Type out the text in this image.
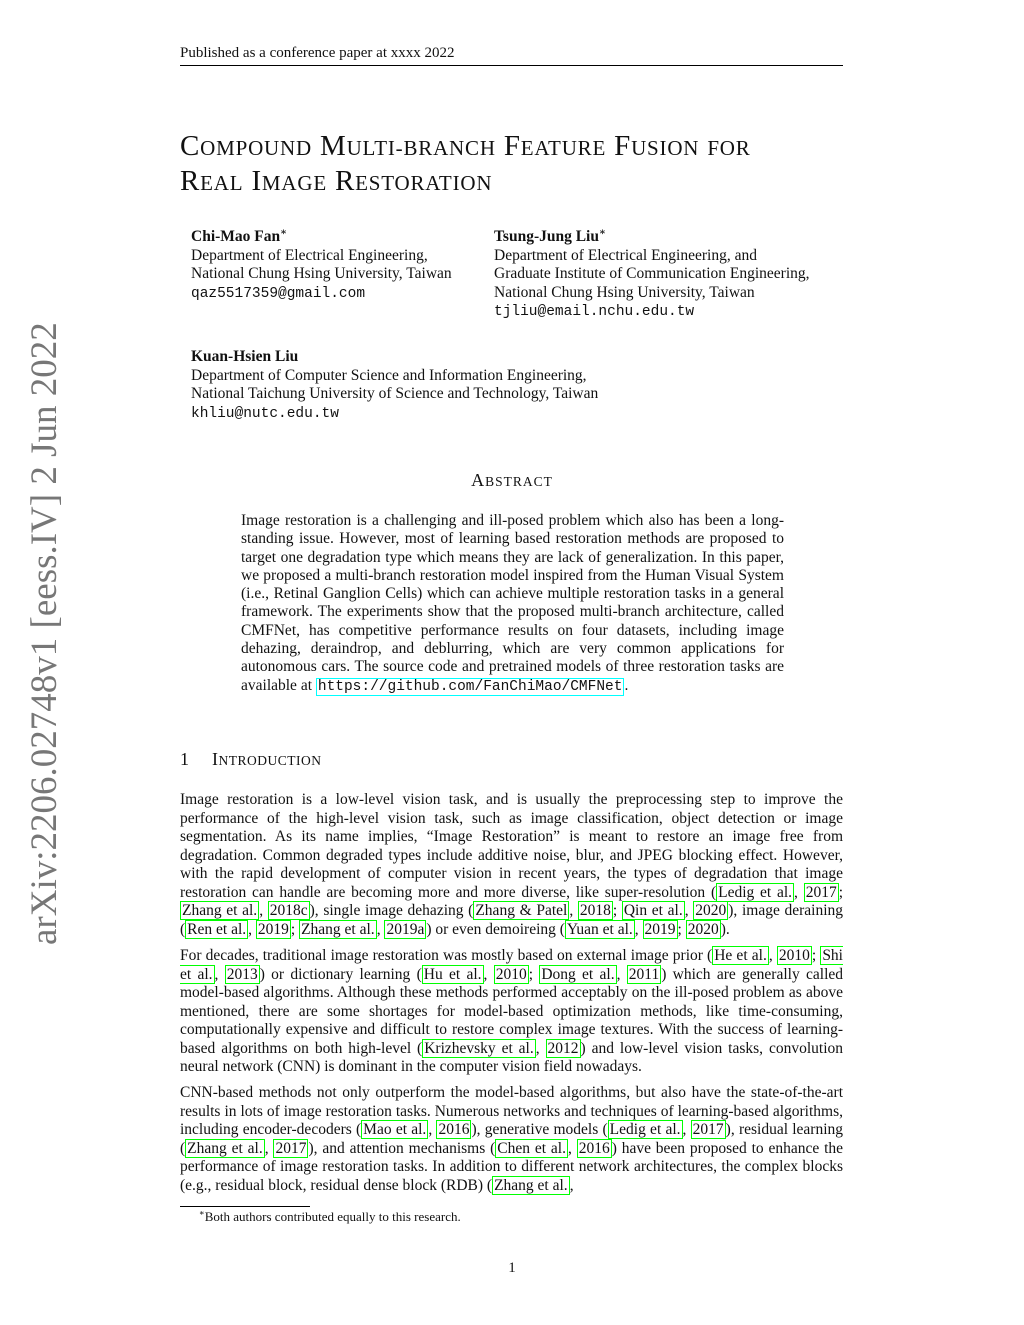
Published as a conference paper at xxxx 2022
arXiv:2206.02748v1 [eess.IV] 2 Jun 2022
COMPOUND MULTI-BRANCH FEATURE FUSION FOR
REAL IMAGE RESTORATION
Chi-Mao Fan∗
Department of Electrical Engineering,
National Chung Hsing University, Taiwan
qaz5517359@gmail.com
Tsung-Jung Liu∗
Department of Electrical Engineering, and
Graduate Institute of Communication Engineering,
National Chung Hsing University, Taiwan
tjliu@email.nchu.edu.tw
Kuan-Hsien Liu
Department of Computer Science and Information Engineering,
National Taichung University of Science and Technology, Taiwan
khliu@nutc.edu.tw
ABSTRACT
Image restoration is a challenging and ill-posed problem which also has been a long-standing issue. However, most of learning based restoration methods are proposed to target one degradation type which means they are lack of generalization. In this paper, we proposed a multi-branch restoration model inspired from the Human Visual System (i.e., Retinal Ganglion Cells) which can achieve multiple restoration tasks in a general framework. The experiments show that the proposed multi-branch architecture, called CMFNet, has competitive performance results on four datasets, including image dehazing, deraindrop, and deblurring, which are very common applications for autonomous cars. The source code and pretrained models of three restoration tasks are available at https://github.com/FanChiMao/CMFNet .
1 INTRODUCTION
Image restoration is a low-level vision task, and is usually the preprocessing step to improve the performance of the high-level vision task, such as image classification, object detection or image segmentation. As its name implies, “Image Restoration” is meant to restore an image free from degradation. Common degraded types include additive noise, blur, and JPEG blocking effect. However, with the rapid development of computer vision in recent years, the types of degradation that image restoration can handle are becoming more and more diverse, like super-resolution ( Ledig et al. , 2017 ; Zhang et al. , 2018c ), single image dehazing ( Zhang & Patel , 2018 ; Qin et al. , 2020 ), image deraining ( Ren et al. , 2019 ; Zhang et al. , 2019a ) or even demoireing ( Yuan et al. , 2019 ; 2020 ).
For decades, traditional image restoration was mostly based on external image prior ( He et al. , 2010 ; Shi et al. , 2013 ) or dictionary learning ( Hu et al. , 2010 ; Dong et al. , 2011 ) which are generally called model-based algorithms. Although these methods performed acceptably on the ill-posed problem as above mentioned, there are some shortages for model-based optimization methods, like time-consuming, computationally expensive and difficult to restore complex image textures. With the success of learning-based algorithms on both high-level ( Krizhevsky et al. , 2012 ) and low-level vision tasks, convolution neural network (CNN) is dominant in the computer vision field nowadays.
CNN-based methods not only outperform the model-based algorithms, but also have the state-of-the-art results in lots of image restoration tasks. Numerous networks and techniques of learning-based algorithms, including encoder-decoders ( Mao et al. , 2016 ), generative models ( Ledig et al. , 2017 ), residual learning ( Zhang et al. , 2017 ), and attention mechanisms ( Chen et al. , 2016 ) have been proposed to enhance the performance of image restoration tasks. In addition to different network architectures, the complex blocks (e.g., residual block, residual dense block (RDB) ( Zhang et al. ,
∗Both authors contributed equally to this research.
1
